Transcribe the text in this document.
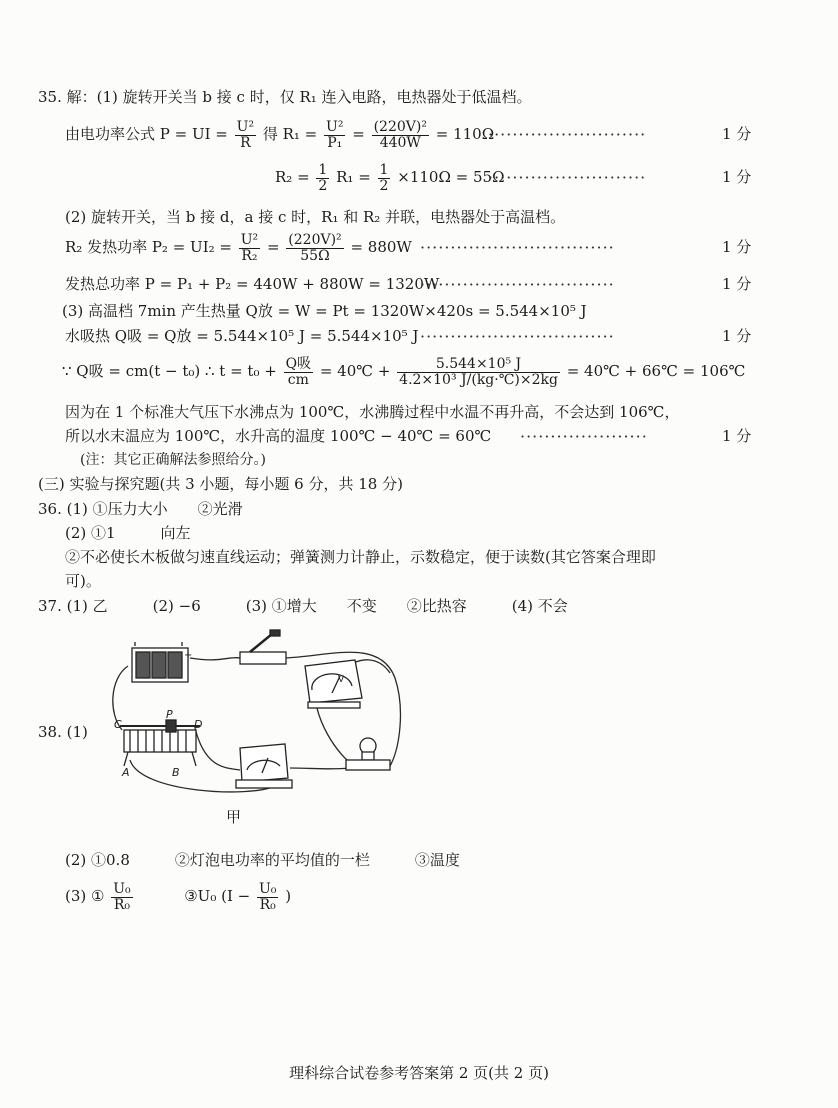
35. 解：(1) 旋转开关当 b 接 c 时，仅 R₁ 连入电路，电热器处于低温档。
由电功率公式 P = UI = $\frac{\text{U²}}{R}$ 得 $R_1 = \frac{\text{U²}}{\text{P₁}} = \frac{\text{(220V)²}}{440W} = 110\Omega$
··························	1 分
$R_2 = \frac{1}{2} R_1 = \frac{1}{2} \times 110\Omega = 55\Omega$
··························	1 分
(2) 旋转开关，当 b 接 d，a 接 c 时，R₁ 和 R₂ 并联，电热器处于高温档。
R₂ 发热功率 $P_2 = UI_2 = \frac{\text{U²}}{\text{R₂}} = \frac{\text{(220V)²}}{55\Omega} = 880W$ ································	1 分
发热总功率 P = P₁ + P₂ = 440W + 880W = 1320W
································	1 分
(3) 高温档 7min 产生热量 Q放 = W = Pt = 1320W×420s = 5.544×10⁵ J
水吸热 Q吸 = Q放 = 5.544×10⁵ J = 5.544×10⁵ J ································	1 分
∵ Q吸 = cm(t − t₀) ∴ $t = t_0 + \frac{\text{Q吸}}{cm}$ = 40℃ + $\frac{\text{5.544×10⁵ J}}{\text{4.2×10³ J/(kg·℃)×2kg}}$ = 40℃ + 66℃ = 106℃
因为在 1 个标准大气压下水沸点为 100℃，水沸腾过程中水温不再升高，不会达到 106℃，
所以水末温应为 100℃，水升高的温度 100℃ − 40℃ = 60℃ ·····················	1 分
(注：其它正确解法参照给分。)
(三) 实验与探究题(共 3 小题，每小题 6 分，共 18 分)
36. (1) ①压力大小　　②光滑
(2) ①1　　　向左
②不必使长木板做匀速直线运动；弹簧测力计静止，示数稳定，便于读数(其它答案合理即
可)。
37. (1) 乙　　　(2) −6　　　(3) ①增大　　不变　　②比热容　　　(4) 不会
38. (1)
+
V
C
P
D
A	B
甲
(2) ①0.8　　　②灯泡电功率的平均值的一栏　　　③温度
(3) ① $\frac{\text{U₀}}{\text{R₀}}$	③U₀ ($I - \frac{\text{U₀}}{\text{R₀}}$ )
理科综合试卷参考答案第 2 页(共 2 页)
